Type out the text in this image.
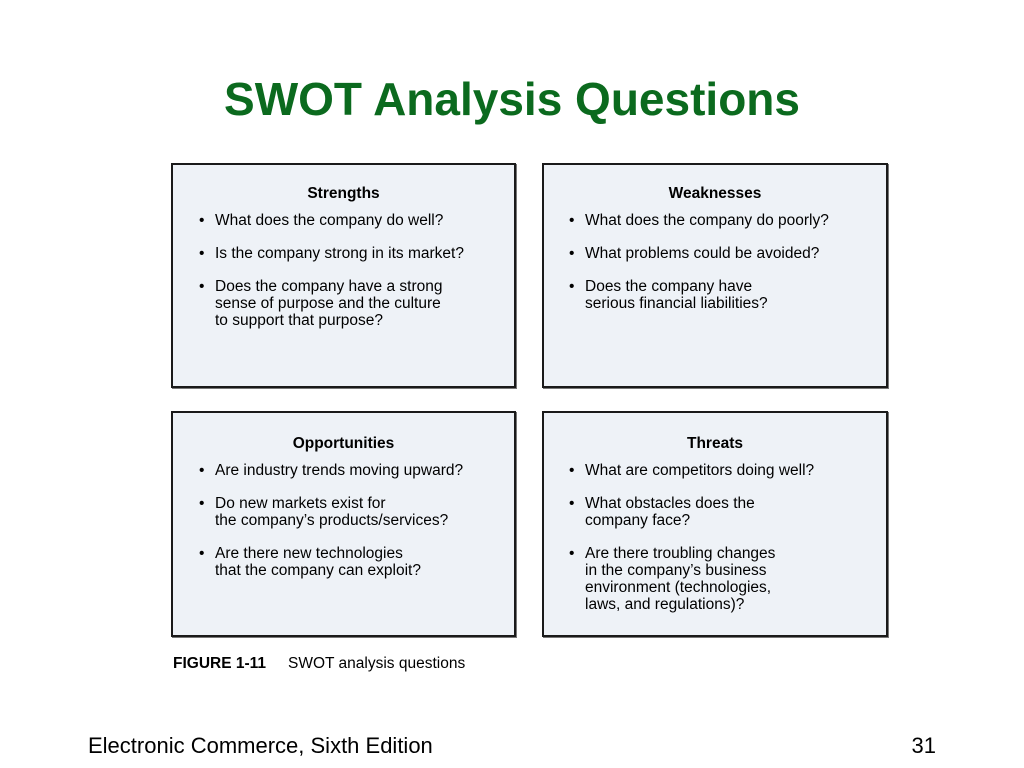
SWOT Analysis Questions
Strengths
• What does the company do well?
• Is the company strong in its market?
• Does the company have a strong
sense of purpose and the culture
to support that purpose?
Weaknesses
• What does the company do poorly?
• What problems could be avoided?
• Does the company have
serious financial liabilities?
Opportunities
• Are industry trends moving upward?
• Do new markets exist for
the company’s products/services?
• Are there new technologies
that the company can exploit?
Threats
• What are competitors doing well?
• What obstacles does the
company face?
• Are there troubling changes
in the company’s business
environment (technologies,
laws, and regulations)?
FIGURE 1-11 SWOT analysis questions
Electronic Commerce, Sixth Edition	31
